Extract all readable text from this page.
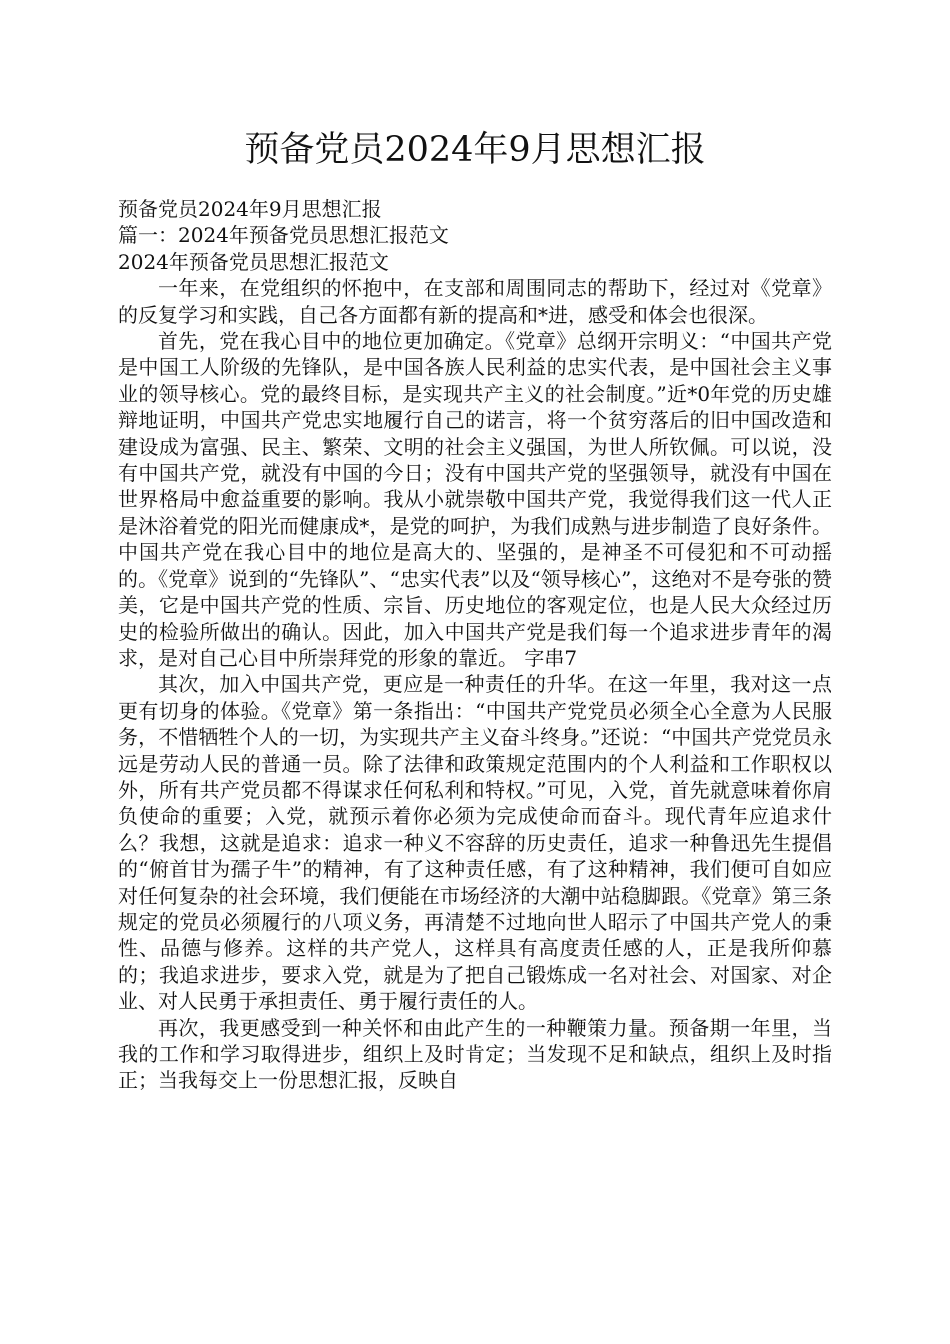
预备党员2024年9月思想汇报

预备党员2024年9月思想汇报

篇一：2024年预备党员思想汇报范文

2024年预备党员思想汇报范文

一年来，在党组织的怀抱中，在支部和周围同志的帮助下，经过对《党章》的反复学习和实践，自己各方面都有新的提高和*进，感受和体会也很深。

首先，党在我心目中的地位更加确定。《党章》总纲开宗明义：“中国共产党是中国工人阶级的先锋队，是中国各族人民利益的忠实代表，是中国社会主义事业的领导核心。党的最终目标，是实现共产主义的社会制度。”近*0年党的历史雄辩地证明，中国共产党忠实地履行自己的诺言，将一个贫穷落后的旧中国改造和建设成为富强、民主、繁荣、文明的社会主义强国，为世人所钦佩。可以说，没有中国共产党，就没有中国的今日；没有中国共产党的坚强领导，就没有中国在世界格局中愈益重要的影响。我从小就崇敬中国共产党，我觉得我们这一代人正是沐浴着党的阳光而健康成*，是党的呵护，为我们成熟与进步制造了良好条件。中国共产党在我心目中的地位是高大的、坚强的，是神圣不可侵犯和不可动摇的。《党章》说到的“先锋队”、“忠实代表”以及“领导核心”，这绝对不是夸张的赞美，它是中国共产党的性质、宗旨、历史地位的客观定位，也是人民大众经过历史的检验所做出的确认。因此，加入中国共产党是我们每一个追求进步青年的渴求，是对自己心目中所崇拜党的形象的靠近。 字串7

其次，加入中国共产党，更应是一种责任的升华。在这一年里，我对这一点更有切身的体验。《党章》第一条指出：“中国共产党党员必须全心全意为人民服务，不惜牺牲个人的一切，为实现共产主义奋斗终身。”还说：“中国共产党党员永远是劳动人民的普通一员。除了法律和政策规定范围内的个人利益和工作职权以外，所有共产党员都不得谋求任何私利和特权。”可见，入党，首先就意味着你肩负使命的重要；入党，就预示着你必须为完成使命而奋斗。现代青年应追求什么？我想，这就是追求：追求一种义不容辞的历史责任，追求一种鲁迅先生提倡的“俯首甘为孺子牛”的精神，有了这种责任感，有了这种精神，我们便可自如应对任何复杂的社会环境，我们便能在市场经济的大潮中站稳脚跟。《党章》第三条规定的党员必须履行的八项义务，再清楚不过地向世人昭示了中国共产党人的秉性、品德与修养。这样的共产党人，这样具有高度责任感的人，正是我所仰慕的；我追求进步，要求入党，就是为了把自己锻炼成一名对社会、对国家、对企业、对人民勇于承担责任、勇于履行责任的人。

再次，我更感受到一种关怀和由此产生的一种鞭策力量。预备期一年里，当我的工作和学习取得进步，组织上及时肯定；当发现不足和缺点，组织上及时指正；当我每交上一份思想汇报，反映自
